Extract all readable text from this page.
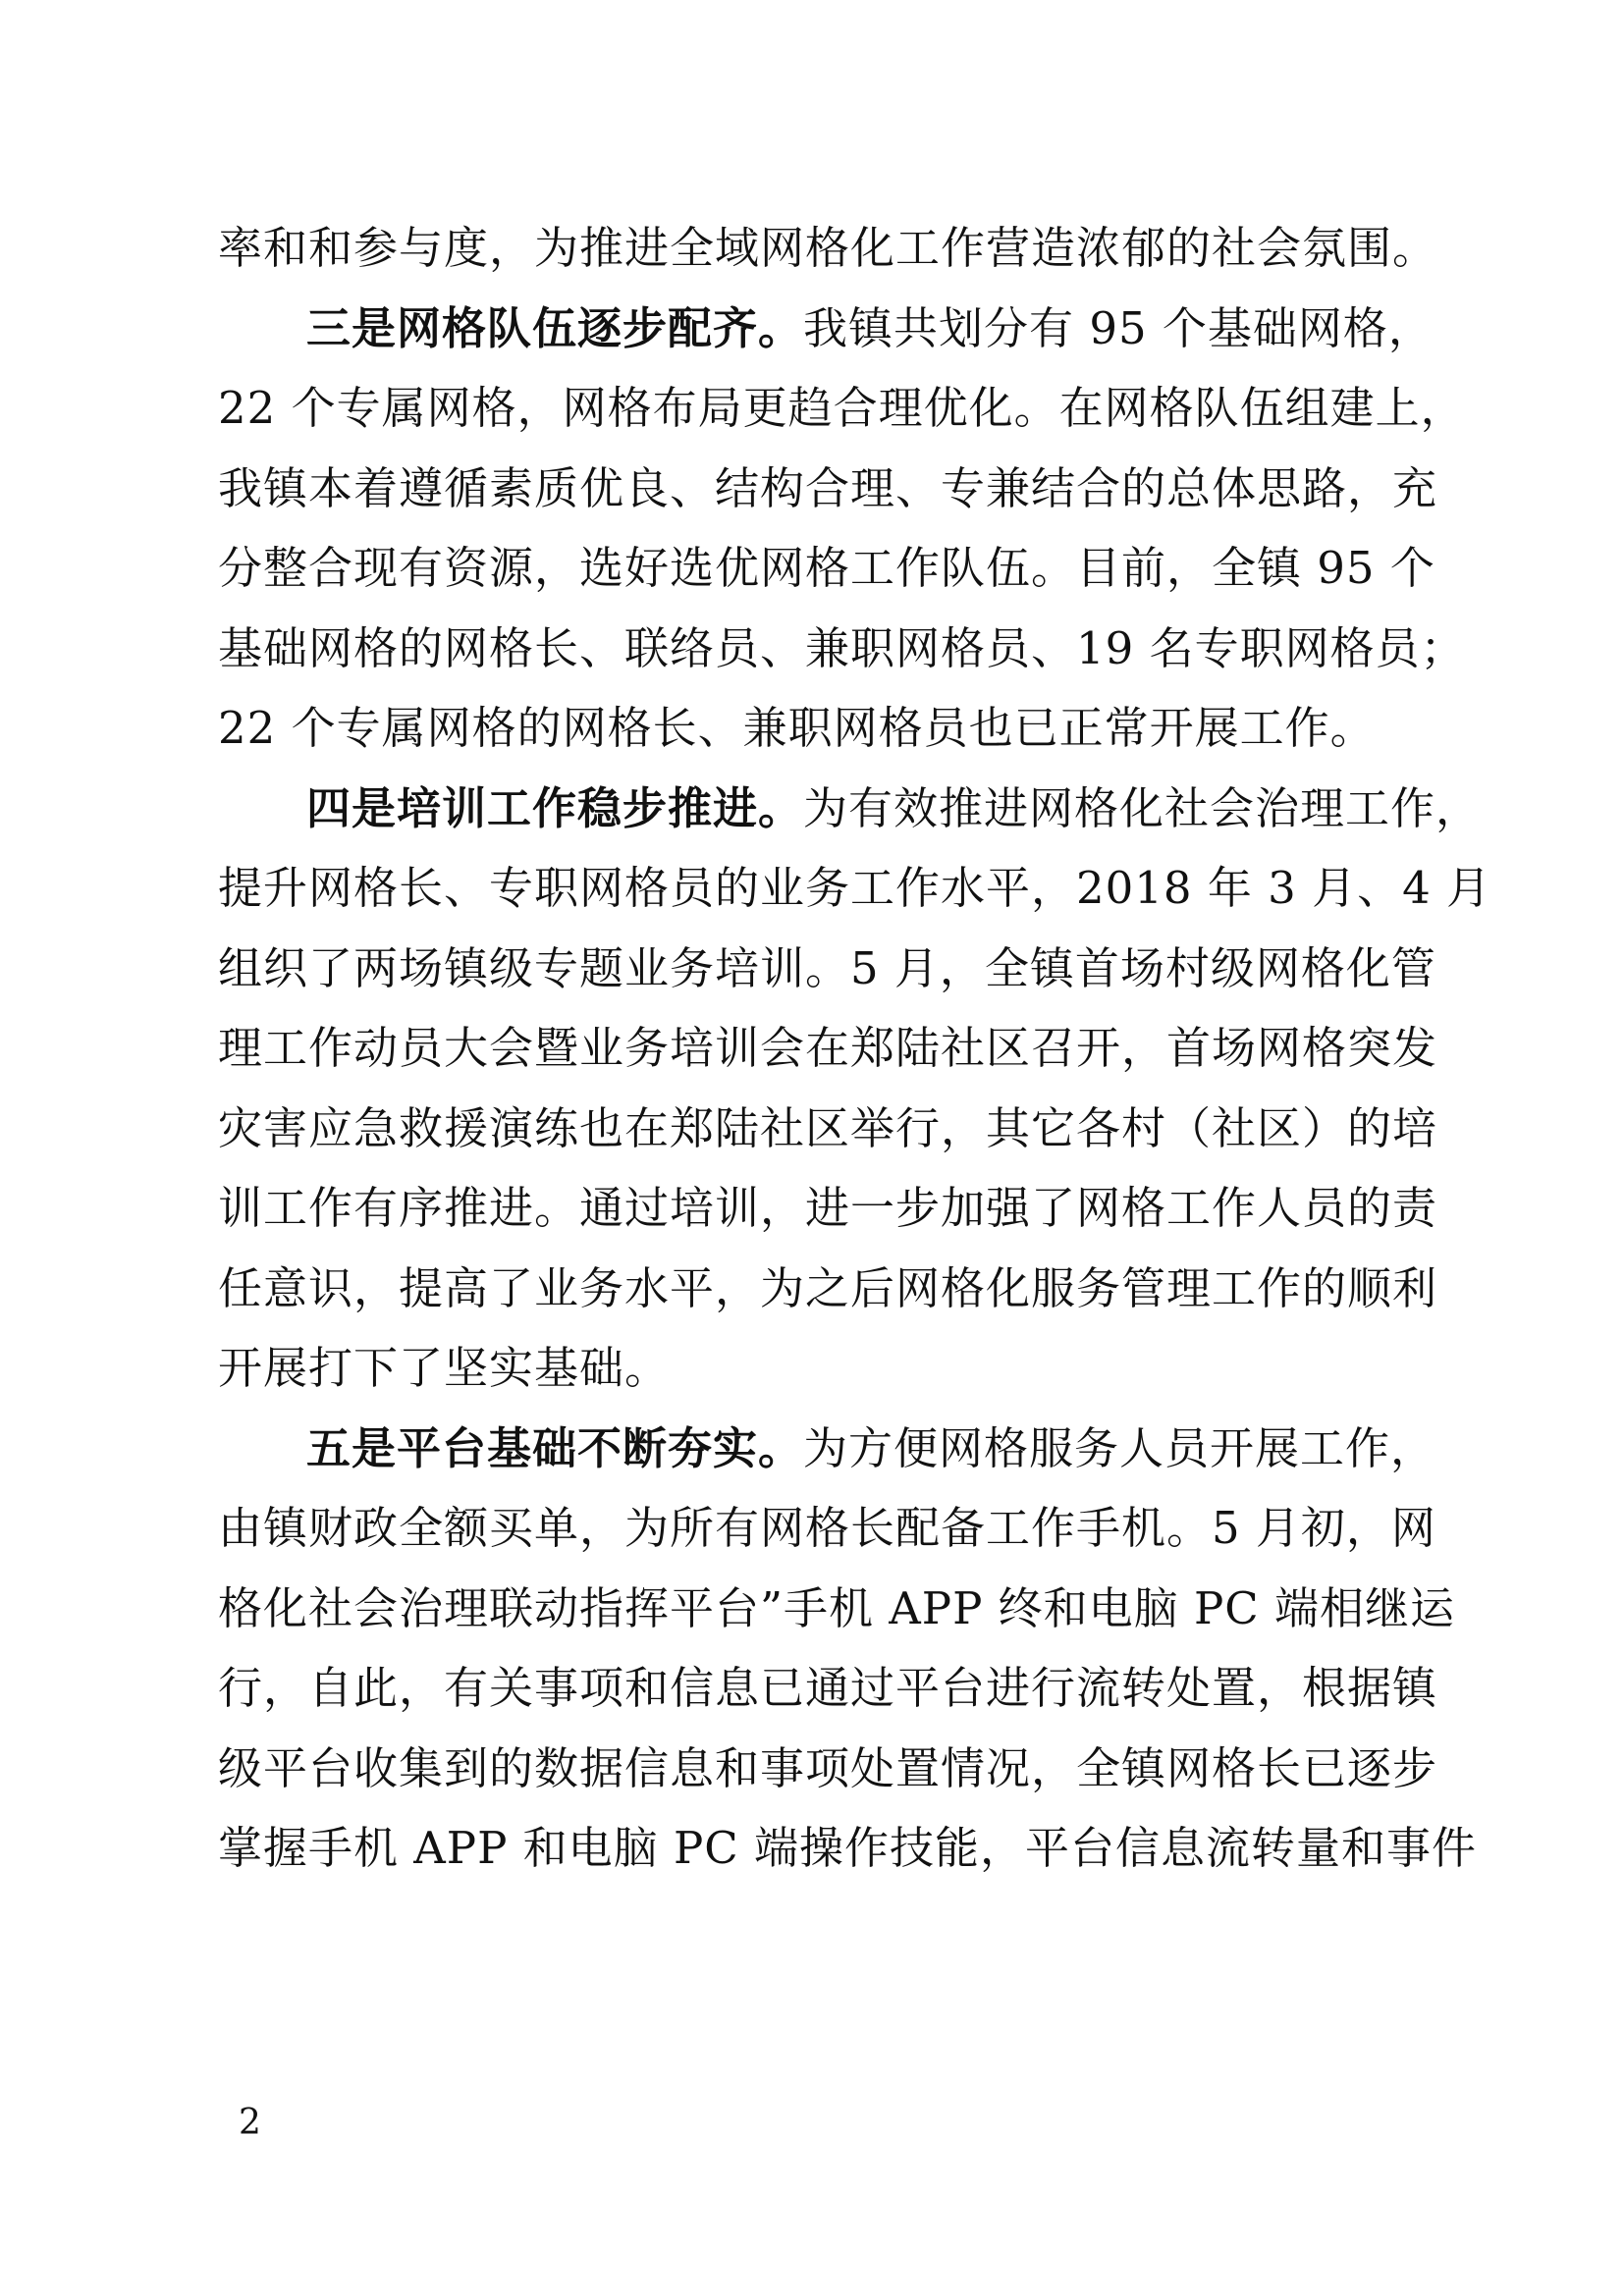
率和和参与度，为推进全域网格化工作营造浓郁的社会氛围。
三是网格队伍逐步配齐。我镇共划分有 95 个基础网格，
22 个专属网格，网格布局更趋合理优化。在网格队伍组建上，
我镇本着遵循素质优良、结构合理、专兼结合的总体思路，充
分整合现有资源，选好选优网格工作队伍。目前，全镇 95 个
基础网格的网格长、联络员、兼职网格员、19 名专职网格员；
22 个专属网格的网格长、兼职网格员也已正常开展工作。
四是培训工作稳步推进。为有效推进网格化社会治理工作，
提升网格长、专职网格员的业务工作水平，2018 年 3 月、4 月
组织了两场镇级专题业务培训。5 月，全镇首场村级网格化管
理工作动员大会暨业务培训会在郑陆社区召开，首场网格突发
灾害应急救援演练也在郑陆社区举行，其它各村（社区）的培
训工作有序推进。通过培训，进一步加强了网格工作人员的责
任意识，提高了业务水平，为之后网格化服务管理工作的顺利
开展打下了坚实基础。
五是平台基础不断夯实。为方便网格服务人员开展工作，
由镇财政全额买单，为所有网格长配备工作手机。5 月初，网
格化社会治理联动指挥平台”手机 APP 终和电脑 PC 端相继运
行，自此，有关事项和信息已通过平台进行流转处置，根据镇
级平台收集到的数据信息和事项处置情况，全镇网格长已逐步
掌握手机 APP 和电脑 PC 端操作技能，平台信息流转量和事件
2
